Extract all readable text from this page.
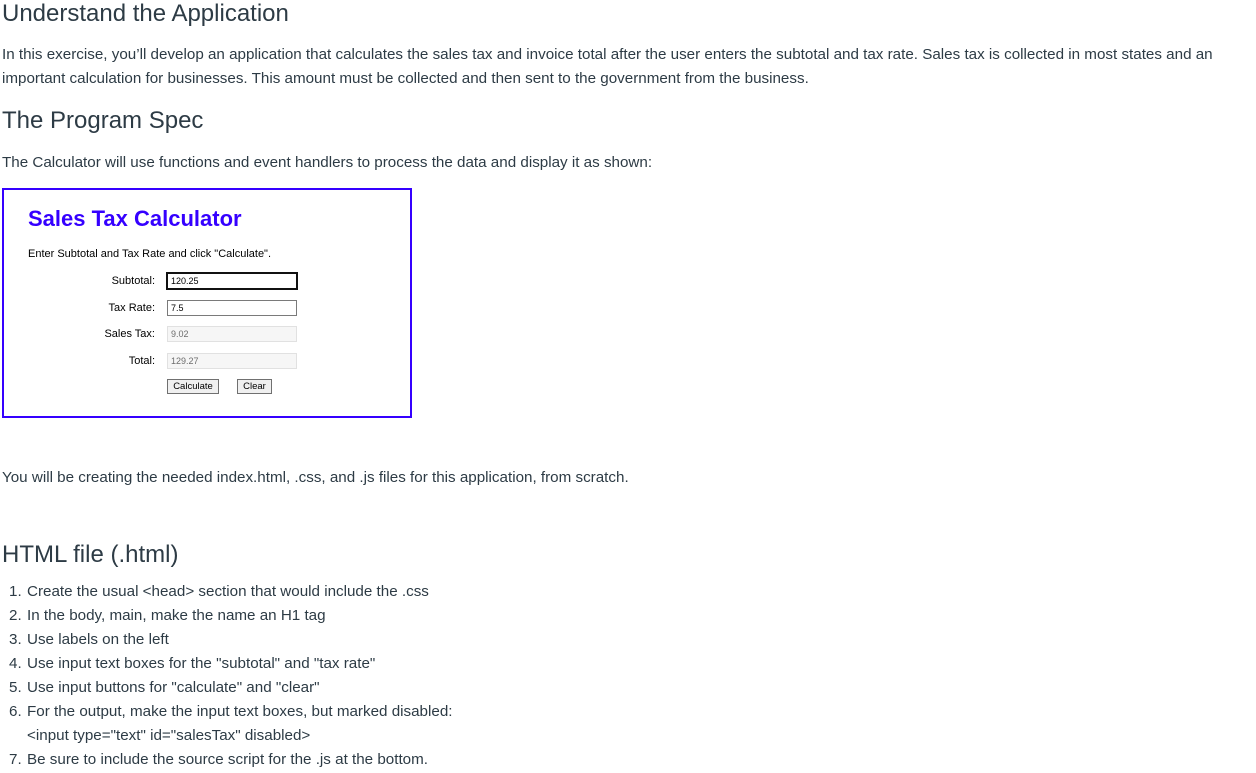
Understand the Application

In this exercise, you’ll develop an application that calculates the sales tax and invoice total after the user enters the subtotal and tax rate. Sales tax is collected in most states and an important calculation for businesses. This amount must be collected and then sent to the government from the business.

The Program Spec

The Calculator will use functions and event handlers to process the data and display it as shown:

Sales Tax Calculator

Enter Subtotal and Tax Rate and click "Calculate".

Subtotal:
120.25
Tax Rate:
7.5
Sales Tax:
9.02
Total:
129.27
Calculate	Clear

You will be creating the needed index.html, .css, and .js files for this application, from scratch.

HTML file (.html)
1. Create the usual <head> section that would include the .css
2. In the body, main, make the name an H1 tag
3. Use labels on the left
4. Use input text boxes for the "subtotal" and "tax rate"
5. Use input buttons for "calculate" and "clear"
6. For the output, make the input text boxes, but marked disabled:
<input type="text" id="salesTax" disabled>
7. Be sure to include the source script for the .js at the bottom.
